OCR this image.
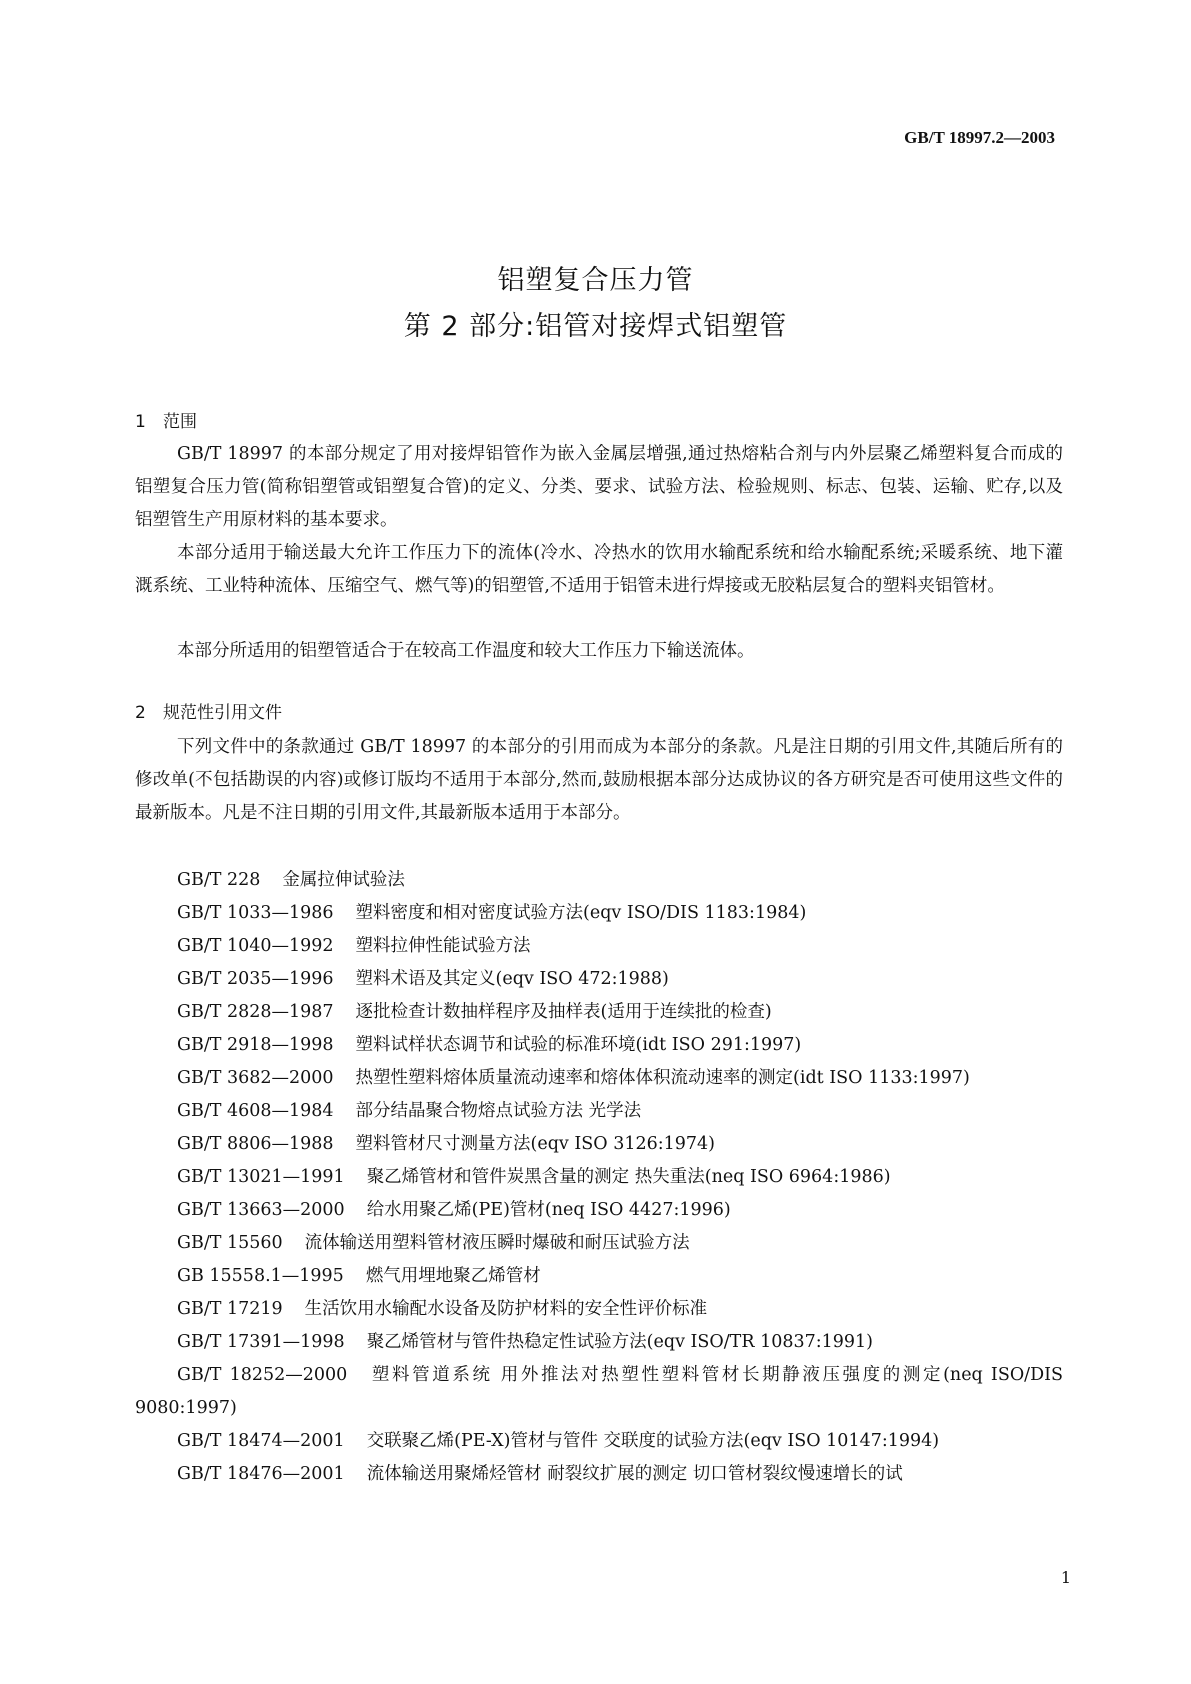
GB/T 18997.2—2003
铝塑复合压力管
第 2 部分:铝管对接焊式铝塑管
1 范围
GB/T 18997 的本部分规定了用对接焊铝管作为嵌入金属层增强,通过热熔粘合剂与内外层聚乙烯塑料复合而成的铝塑复合压力管(简称铝塑管或铝塑复合管)的定义、分类、要求、试验方法、检验规则、标志、包装、运输、贮存,以及铝塑管生产用原材料的基本要求。
本部分适用于输送最大允许工作压力下的流体(冷水、冷热水的饮用水输配系统和给水输配系统;采暖系统、地下灌溉系统、工业特种流体、压缩空气、燃气等)的铝塑管,不适用于铝管未进行焊接或无胶粘层复合的塑料夹铝管材。
本部分所适用的铝塑管适合于在较高工作温度和较大工作压力下输送流体。
2 规范性引用文件
下列文件中的条款通过 GB/T 18997 的本部分的引用而成为本部分的条款。凡是注日期的引用文件,其随后所有的修改单(不包括勘误的内容)或修订版均不适用于本部分,然而,鼓励根据本部分达成协议的各方研究是否可使用这些文件的最新版本。凡是不注日期的引用文件,其最新版本适用于本部分。
GB/T 228 金属拉伸试验法
GB/T 1033—1986 塑料密度和相对密度试验方法(eqv ISO/DIS 1183:1984)
GB/T 1040—1992 塑料拉伸性能试验方法
GB/T 2035—1996 塑料术语及其定义(eqv ISO 472:1988)
GB/T 2828—1987 逐批检查计数抽样程序及抽样表(适用于连续批的检查)
GB/T 2918—1998 塑料试样状态调节和试验的标准环境(idt ISO 291:1997)
GB/T 3682—2000 热塑性塑料熔体质量流动速率和熔体体积流动速率的测定(idt ISO 1133:1997)
GB/T 4608—1984 部分结晶聚合物熔点试验方法 光学法
GB/T 8806—1988 塑料管材尺寸测量方法(eqv ISO 3126:1974)
GB/T 13021—1991 聚乙烯管材和管件炭黑含量的测定 热失重法(neq ISO 6964:1986)
GB/T 13663—2000 给水用聚乙烯(PE)管材(neq ISO 4427:1996)
GB/T 15560 流体输送用塑料管材液压瞬时爆破和耐压试验方法
GB 15558.1—1995 燃气用埋地聚乙烯管材
GB/T 17219 生活饮用水输配水设备及防护材料的安全性评价标准
GB/T 17391—1998 聚乙烯管材与管件热稳定性试验方法(eqv ISO/TR 10837:1991)
GB/T 18252—2000 塑料管道系统 用外推法对热塑性塑料管材长期静液压强度的测定(neq ISO/DIS 9080:1997)
GB/T 18474—2001 交联聚乙烯(PE-X)管材与管件 交联度的试验方法(eqv ISO 10147:1994)
GB/T 18476—2001 流体输送用聚烯烃管材 耐裂纹扩展的测定 切口管材裂纹慢速增长的试
1
